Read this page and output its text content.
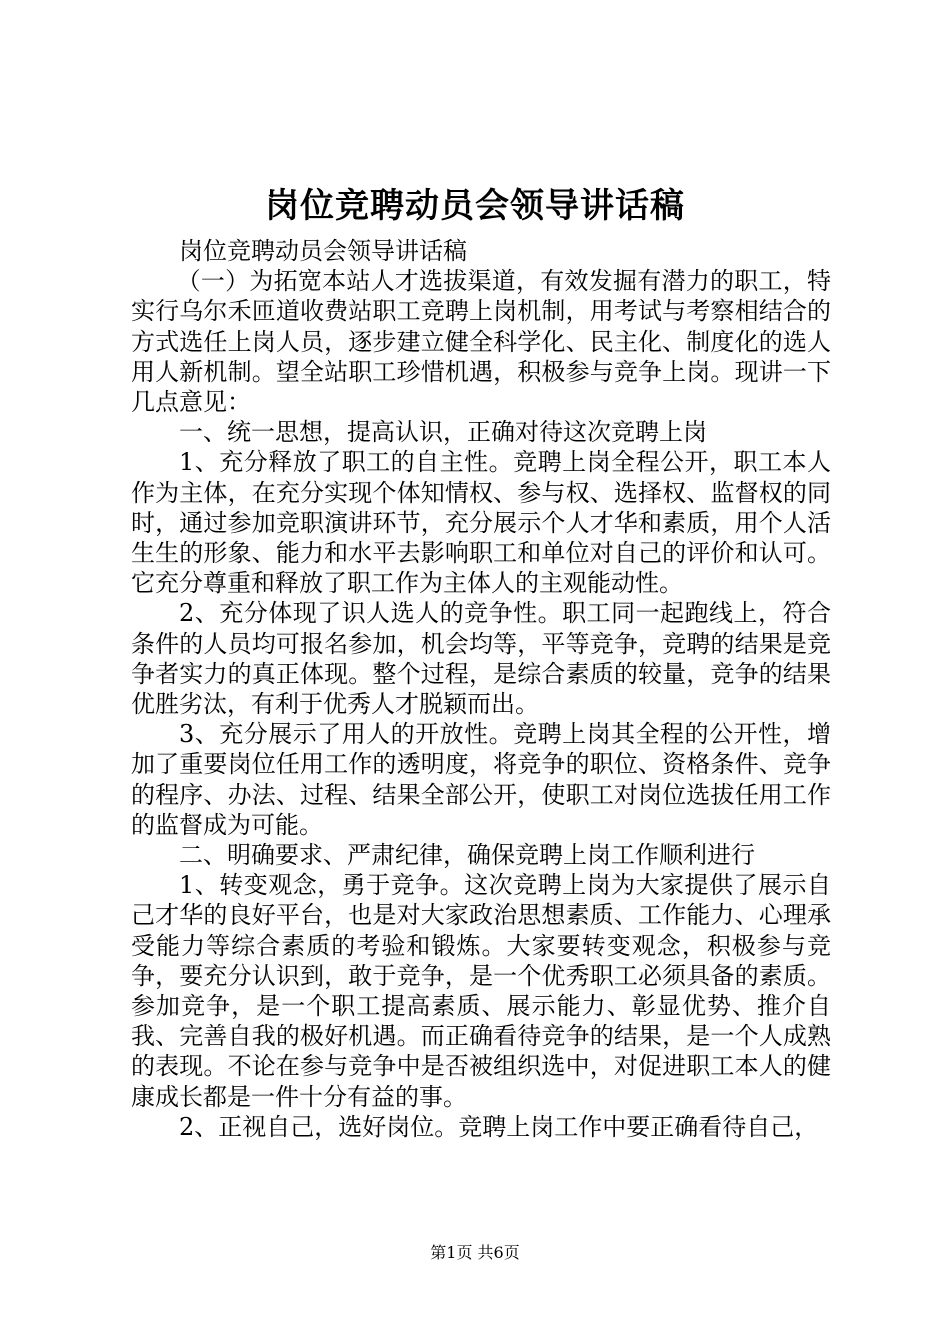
岗位竞聘动员会领导讲话稿

岗位竞聘动员会领导讲话稿

（一）为拓宽本站人才选拔渠道，有效发掘有潜力的职工，特实行乌尔禾匝道收费站职工竞聘上岗机制，用考试与考察相结合的方式选任上岗人员，逐步建立健全科学化、民主化、制度化的选人用人新机制。望全站职工珍惜机遇，积极参与竞争上岗。现讲一下几点意见：

一、统一思想，提高认识，正确对待这次竞聘上岗

1、充分释放了职工的自主性。竞聘上岗全程公开，职工本人作为主体，在充分实现个体知情权、参与权、选择权、监督权的同时，通过参加竞职演讲环节，充分展示个人才华和素质，用个人活生生的形象、能力和水平去影响职工和单位对自己的评价和认可。它充分尊重和释放了职工作为主体人的主观能动性。

2、充分体现了识人选人的竞争性。职工同一起跑线上，符合条件的人员均可报名参加，机会均等，平等竞争，竞聘的结果是竞争者实力的真正体现。整个过程，是综合素质的较量，竞争的结果优胜劣汰，有利于优秀人才脱颖而出。

3、充分展示了用人的开放性。竞聘上岗其全程的公开性，增加了重要岗位任用工作的透明度，将竞争的职位、资格条件、竞争的程序、办法、过程、结果全部公开，使职工对岗位选拔任用工作的监督成为可能。

二、明确要求、严肃纪律，确保竞聘上岗工作顺利进行

1、转变观念，勇于竞争。这次竞聘上岗为大家提供了展示自己才华的良好平台，也是对大家政治思想素质、工作能力、心理承受能力等综合素质的考验和锻炼。大家要转变观念，积极参与竞争，要充分认识到，敢于竞争，是一个优秀职工必须具备的素质。参加竞争，是一个职工提高素质、展示能力、彰显优势、推介自我、完善自我的极好机遇。而正确看待竞争的结果，是一个人成熟的表现。不论在参与竞争中是否被组织选中，对促进职工本人的健康成长都是一件十分有益的事。

2、正视自己，选好岗位。竞聘上岗工作中要正确看待自己，

第1页 共6页
